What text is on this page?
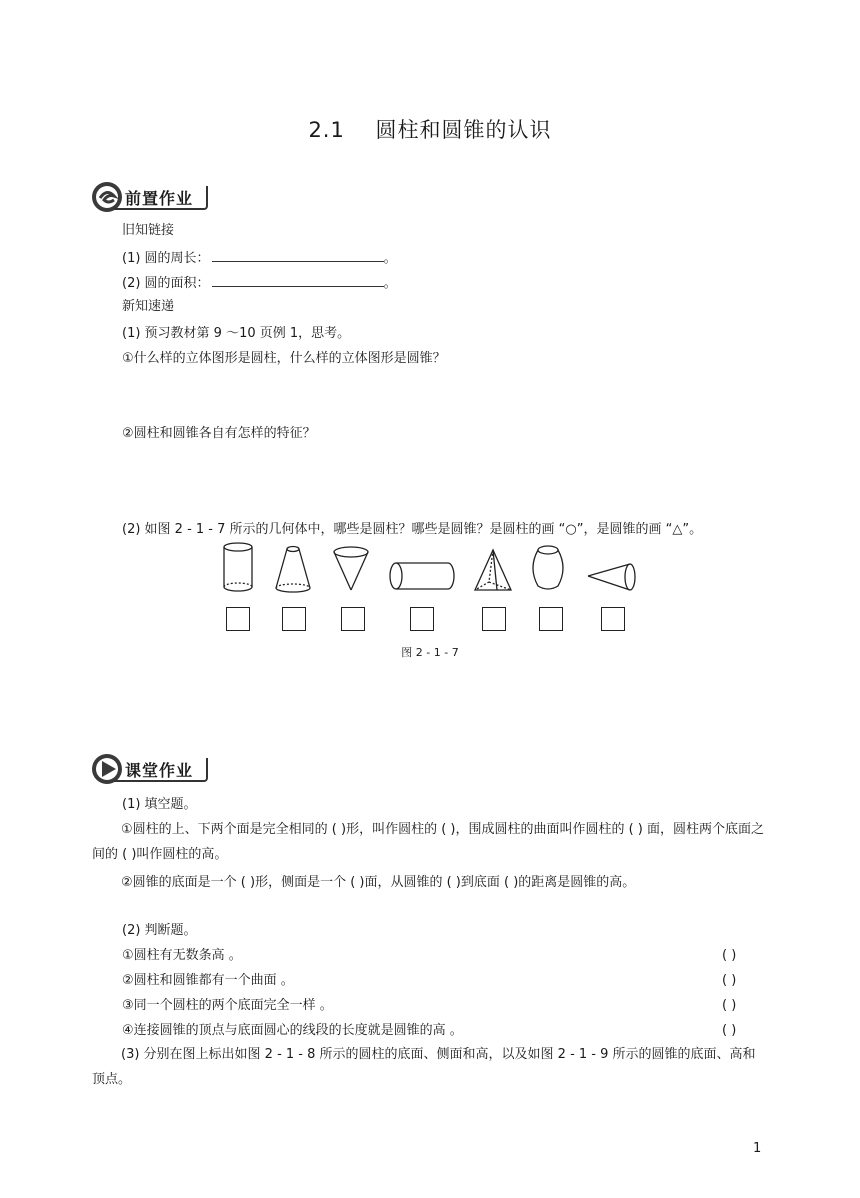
2.1    圆柱和圆锥的认识
前置作业
旧知链接
(1) 圆的周长：	。
(2) 圆的面积：	。
新知速递
(1) 预习教材第 9 ～10 页例 1，思考。
①什么样的立体图形是圆柱，什么样的立体图形是圆锥？
②圆柱和圆锥各自有怎样的特征？
(2) 如图 2 - 1 - 7 所示的几何体中，哪些是圆柱？哪些是圆锥？是圆柱的画 “○”，是圆锥的画 “△”。
图 2 - 1 - 7
课堂作业
(1) 填空题。
①圆柱的上、下两个面是完全相同的 ( )形，叫作圆柱的 ( )，围成圆柱的曲面叫作圆柱的 ( ) 面，圆柱两个底面之间的 ( )叫作圆柱的高。
②圆锥的底面是一个 ( )形，侧面是一个 ( )面，从圆锥的 ( )到底面 ( )的距离是圆锥的高。
(2) 判断题。
①圆柱有无数条高 。	( )
②圆柱和圆锥都有一个曲面 。	( )
③同一个圆柱的两个底面完全一样 。	( )
④连接圆锥的顶点与底面圆心的线段的长度就是圆锥的高 。	( )
(3) 分别在图上标出如图 2 - 1 - 8 所示的圆柱的底面、侧面和高，以及如图 2 - 1 - 9 所示的圆锥的底面、高和顶点。
1
